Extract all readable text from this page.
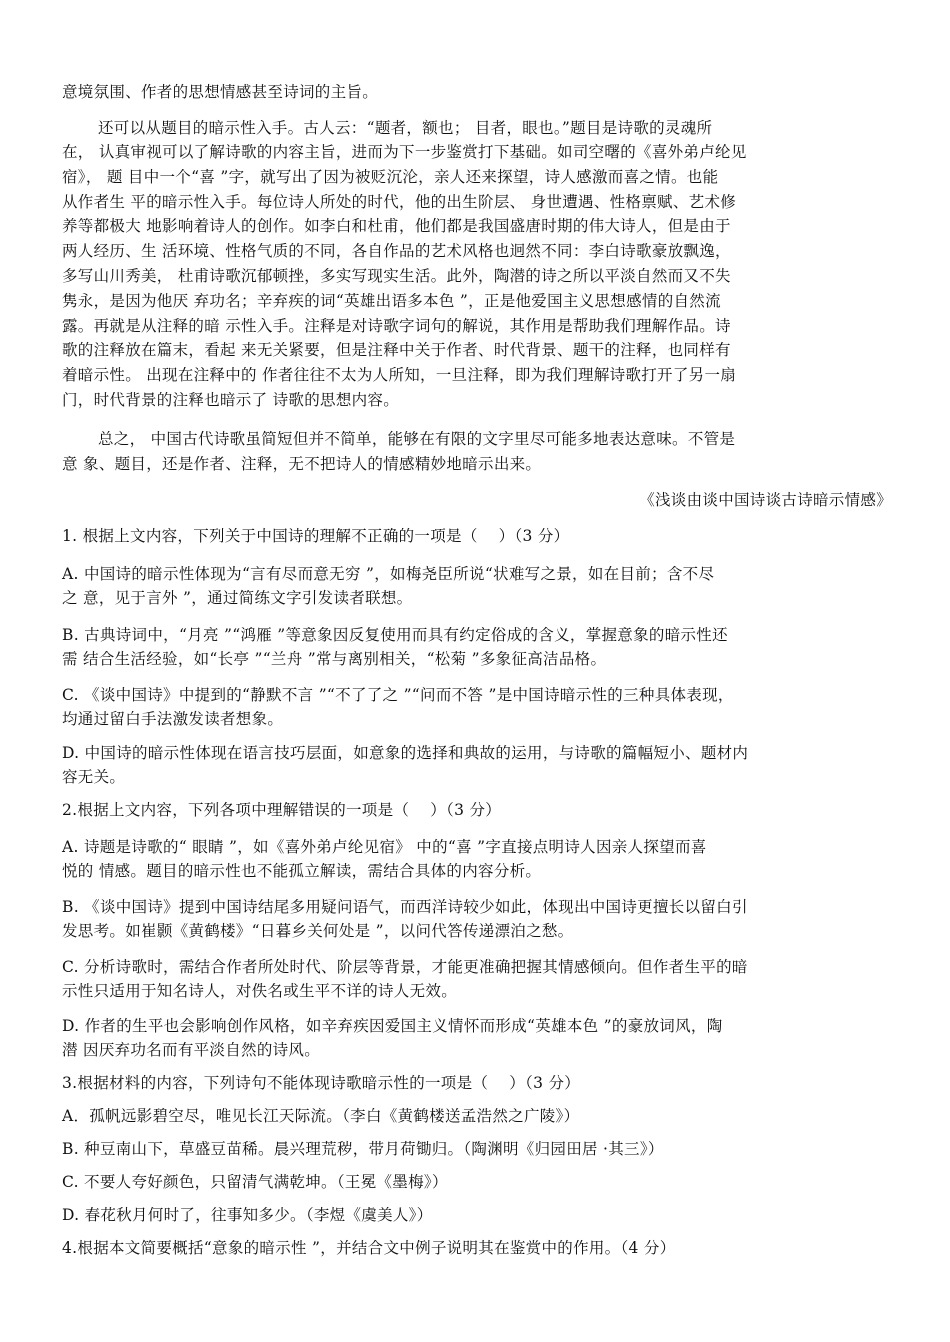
意境氛围、作者的思想情感甚至诗词的主旨。
还可以从题目的暗示性入手。古人云：“题者，额也； 目者，眼也。”题目是诗歌的灵魂所
在， 认真审视可以了解诗歌的内容主旨，进而为下一步鉴赏打下基础。如司空曙的《喜外弟卢纶见
宿》， 题 目中一个“喜 ”字，就写出了因为被贬沉沦，亲人还来探望，诗人感激而喜之情。也能
从作者生 平的暗示性入手。每位诗人所处的时代，他的出生阶层、 身世遭遇、性格禀赋、艺术修
养等都极大 地影响着诗人的创作。如李白和杜甫，他们都是我国盛唐时期的伟大诗人，但是由于
两人经历、生 活环境、性格气质的不同，各自作品的艺术风格也迥然不同：李白诗歌豪放飘逸，
多写山川秀美， 杜甫诗歌沉郁顿挫，多实写现实生活。此外，陶潜的诗之所以平淡自然而又不失
隽永，是因为他厌 弃功名；辛弃疾的词“英雄出语多本色 ”，正是他爱国主义思想感情的自然流
露。再就是从注释的暗 示性入手。注释是对诗歌字词句的解说，其作用是帮助我们理解作品。诗
歌的注释放在篇末，看起 来无关紧要，但是注释中关于作者、时代背景、题干的注释，也同样有
着暗示性。 出现在注释中的 作者往往不太为人所知，一旦注释，即为我们理解诗歌打开了另一扇
门，时代背景的注释也暗示了 诗歌的思想内容。
总之， 中国古代诗歌虽简短但并不简单，能够在有限的文字里尽可能多地表达意味。不管是
意 象、题目，还是作者、注释，无不把诗人的情感精妙地暗示出来。
《浅谈由谈中国诗谈古诗暗示情感》
1. 根据上文内容，下列关于中国诗的理解不正确的一项是（　 ）（3 分）
A. 中国诗的暗示性体现为“言有尽而意无穷 ”，如梅尧臣所说“状难写之景，如在目前；含不尽
之 意，见于言外 ”，通过简练文字引发读者联想。
B. 古典诗词中，“月亮 ”“鸿雁 ”等意象因反复使用而具有约定俗成的含义，掌握意象的暗示性还
需 结合生活经验，如“长亭 ”“兰舟 ”常与离别相关，“松菊 ”多象征高洁品格。
C. 《谈中国诗》中提到的“静默不言 ”“不了了之 ”“问而不答 ”是中国诗暗示性的三种具体表现，
均通过留白手法激发读者想象。
D. 中国诗的暗示性体现在语言技巧层面，如意象的选择和典故的运用，与诗歌的篇幅短小、题材内
容无关。
2.根据上文内容，下列各项中理解错误的一项是（　 ）（3 分）
A. 诗题是诗歌的“ 眼睛 ”，如《喜外弟卢纶见宿》 中的“喜 ”字直接点明诗人因亲人探望而喜
悦的 情感。题目的暗示性也不能孤立解读，需结合具体的内容分析。
B. 《谈中国诗》提到中国诗结尾多用疑问语气，而西洋诗较少如此，体现出中国诗更擅长以留白引
发思考。如崔颢《黄鹤楼》“日暮乡关何处是 ”，以问代答传递漂泊之愁。
C. 分析诗歌时，需结合作者所处时代、阶层等背景，才能更准确把握其情感倾向。但作者生平的暗
示性只适用于知名诗人，对佚名或生平不详的诗人无效。
D. 作者的生平也会影响创作风格，如辛弃疾因爱国主义情怀而形成“英雄本色 ”的豪放词风，陶
潜 因厌弃功名而有平淡自然的诗风。
3.根据材料的内容，下列诗句不能体现诗歌暗示性的一项是（　 ）（3 分）
A．孤帆远影碧空尽，唯见长江天际流。（李白《黄鹤楼送孟浩然之广陵》）
B. 种豆南山下，草盛豆苗稀。晨兴理荒秽，带月荷锄归。（陶渊明《归园田居 ·其三》）
C. 不要人夸好颜色，只留清气满乾坤。（王冕《墨梅》）
D. 春花秋月何时了，往事知多少。（李煜《虞美人》）
4.根据本文简要概括“意象的暗示性 ”，并结合文中例子说明其在鉴赏中的作用。（4 分）
